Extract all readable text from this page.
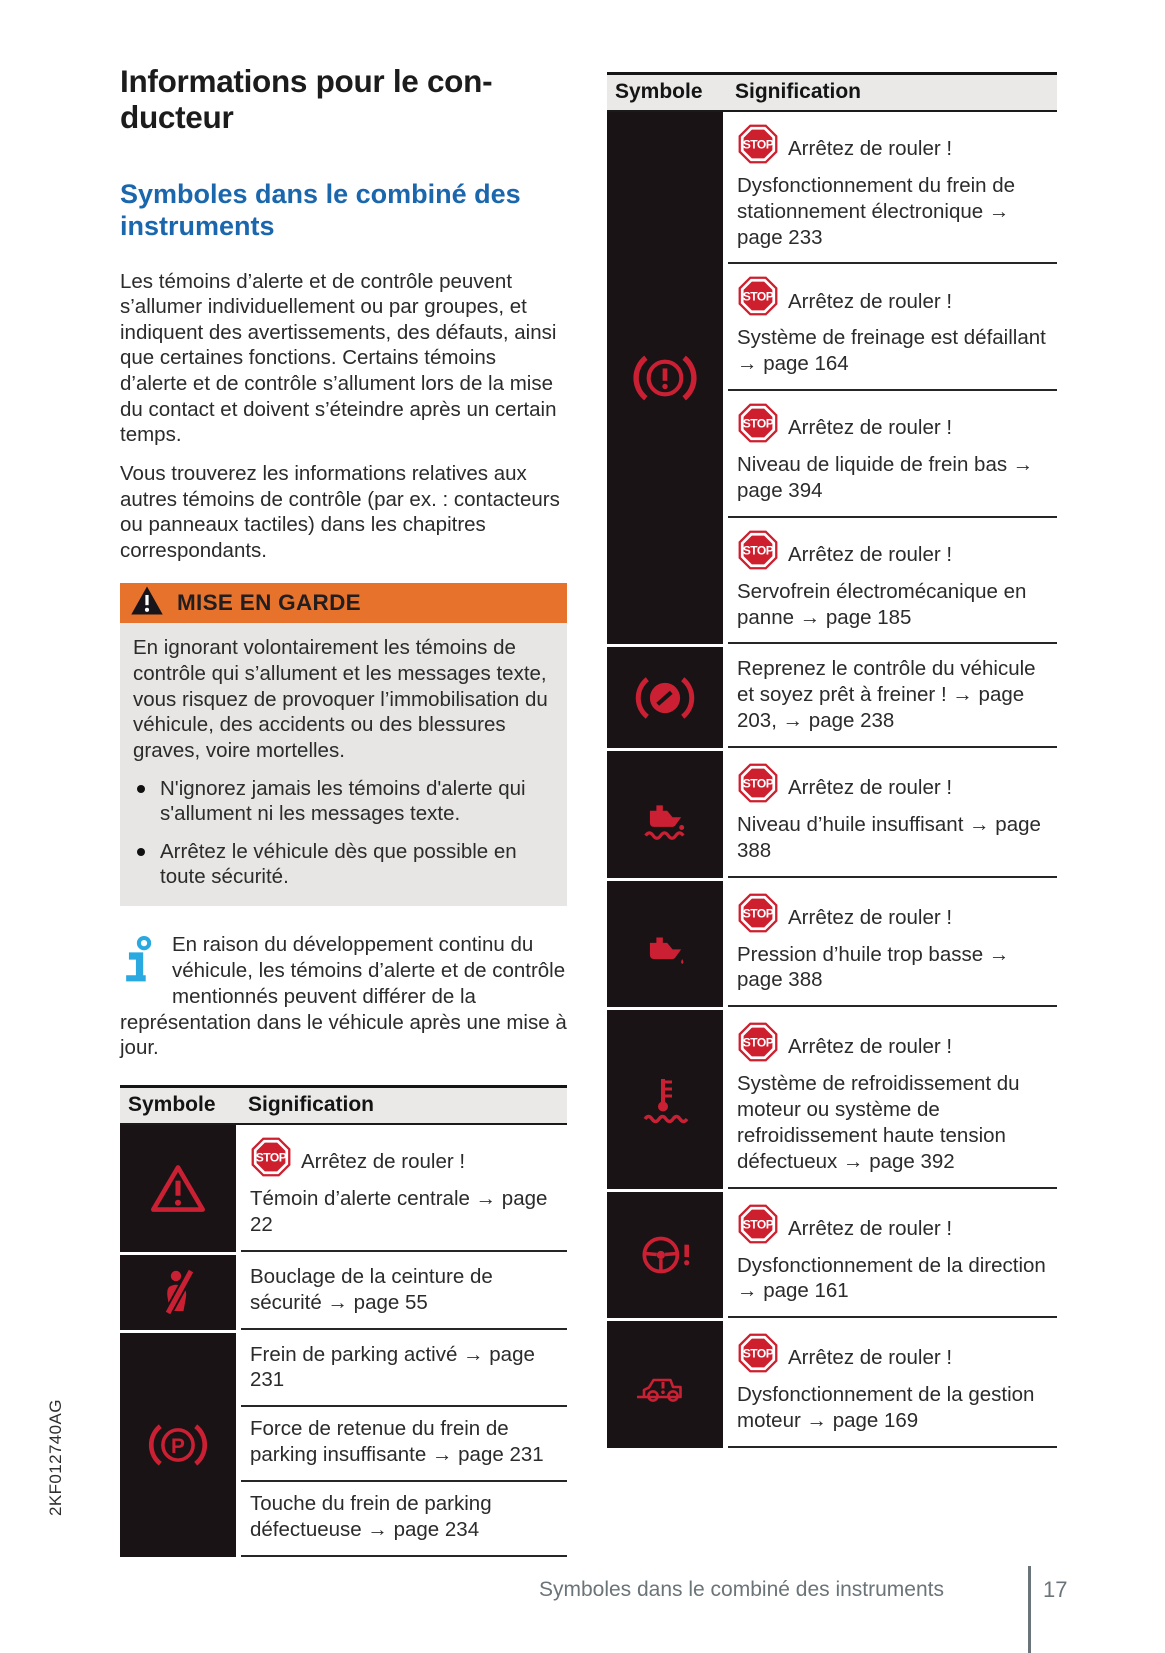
Informations pour le con-
ducteur
Symboles dans le combiné des instruments

Les témoins d’alerte et de contrôle peuvent s’allumer individuellement ou par groupes, et indiquent des avertissements, des défauts, ainsi que certaines fonctions. Certains témoins d’alerte et de contrôle s’allument lors de la mise du contact et doivent s’éteindre après un certain temps.

Vous trouverez les informations relatives aux autres témoins de contrôle (par ex. : contacteurs ou panneaux tactiles) dans les chapitres correspondants.

MISE EN GARDE
En ignorant volontairement les témoins de contrôle qui s’allument et les messages texte, vous risquez de provoquer l’immobilisation du véhicule, des accidents ou des blessures graves, voire mortelles.
N'ignorez jamais les témoins d'alerte qui s'allument ni les messages texte.
Arrêtez le véhicule dès que possible en toute sécurité.
En raison du développement continu du véhicule, les témoins d’alerte et de contrôle mentionnés peuvent différer de la représentation dans le véhicule après une mise à jour.
Symbole	Signification
STOP Arrêtez de rouler !
Témoin d’alerte centrale → page 22
Bouclage de la ceinture de sécurité → page 55
P
Frein de parking activé → page 231
Force de retenue du frein de parking insuffisante → page 231
Touche du frein de parking défectueuse → page 234
Symbole	Signification
STOP Arrêtez de rouler !
Dysfonctionnement du frein de stationnement électronique → page 233
STOP Arrêtez de rouler !
Système de freinage est défaillant → page 164
STOP Arrêtez de rouler !
Niveau de liquide de frein bas → page 394
STOP Arrêtez de rouler !
Servofrein électromécanique en panne → page 185
Reprenez le contrôle du véhicule et soyez prêt à freiner ! → page 203, → page 238
STOP Arrêtez de rouler !
Niveau d’huile insuffisant → page 388
STOP Arrêtez de rouler !
Pression d’huile trop basse → page 388
STOP Arrêtez de rouler !
Système de refroidissement du moteur ou système de refroidissement haute tension défectueux → page 392
STOP Arrêtez de rouler !
Dysfonctionnement de la direction → page 161
STOP Arrêtez de rouler !
Dysfonctionnement de la gestion moteur → page 169
2KF012740AG
Symboles dans le combiné des instruments	17
